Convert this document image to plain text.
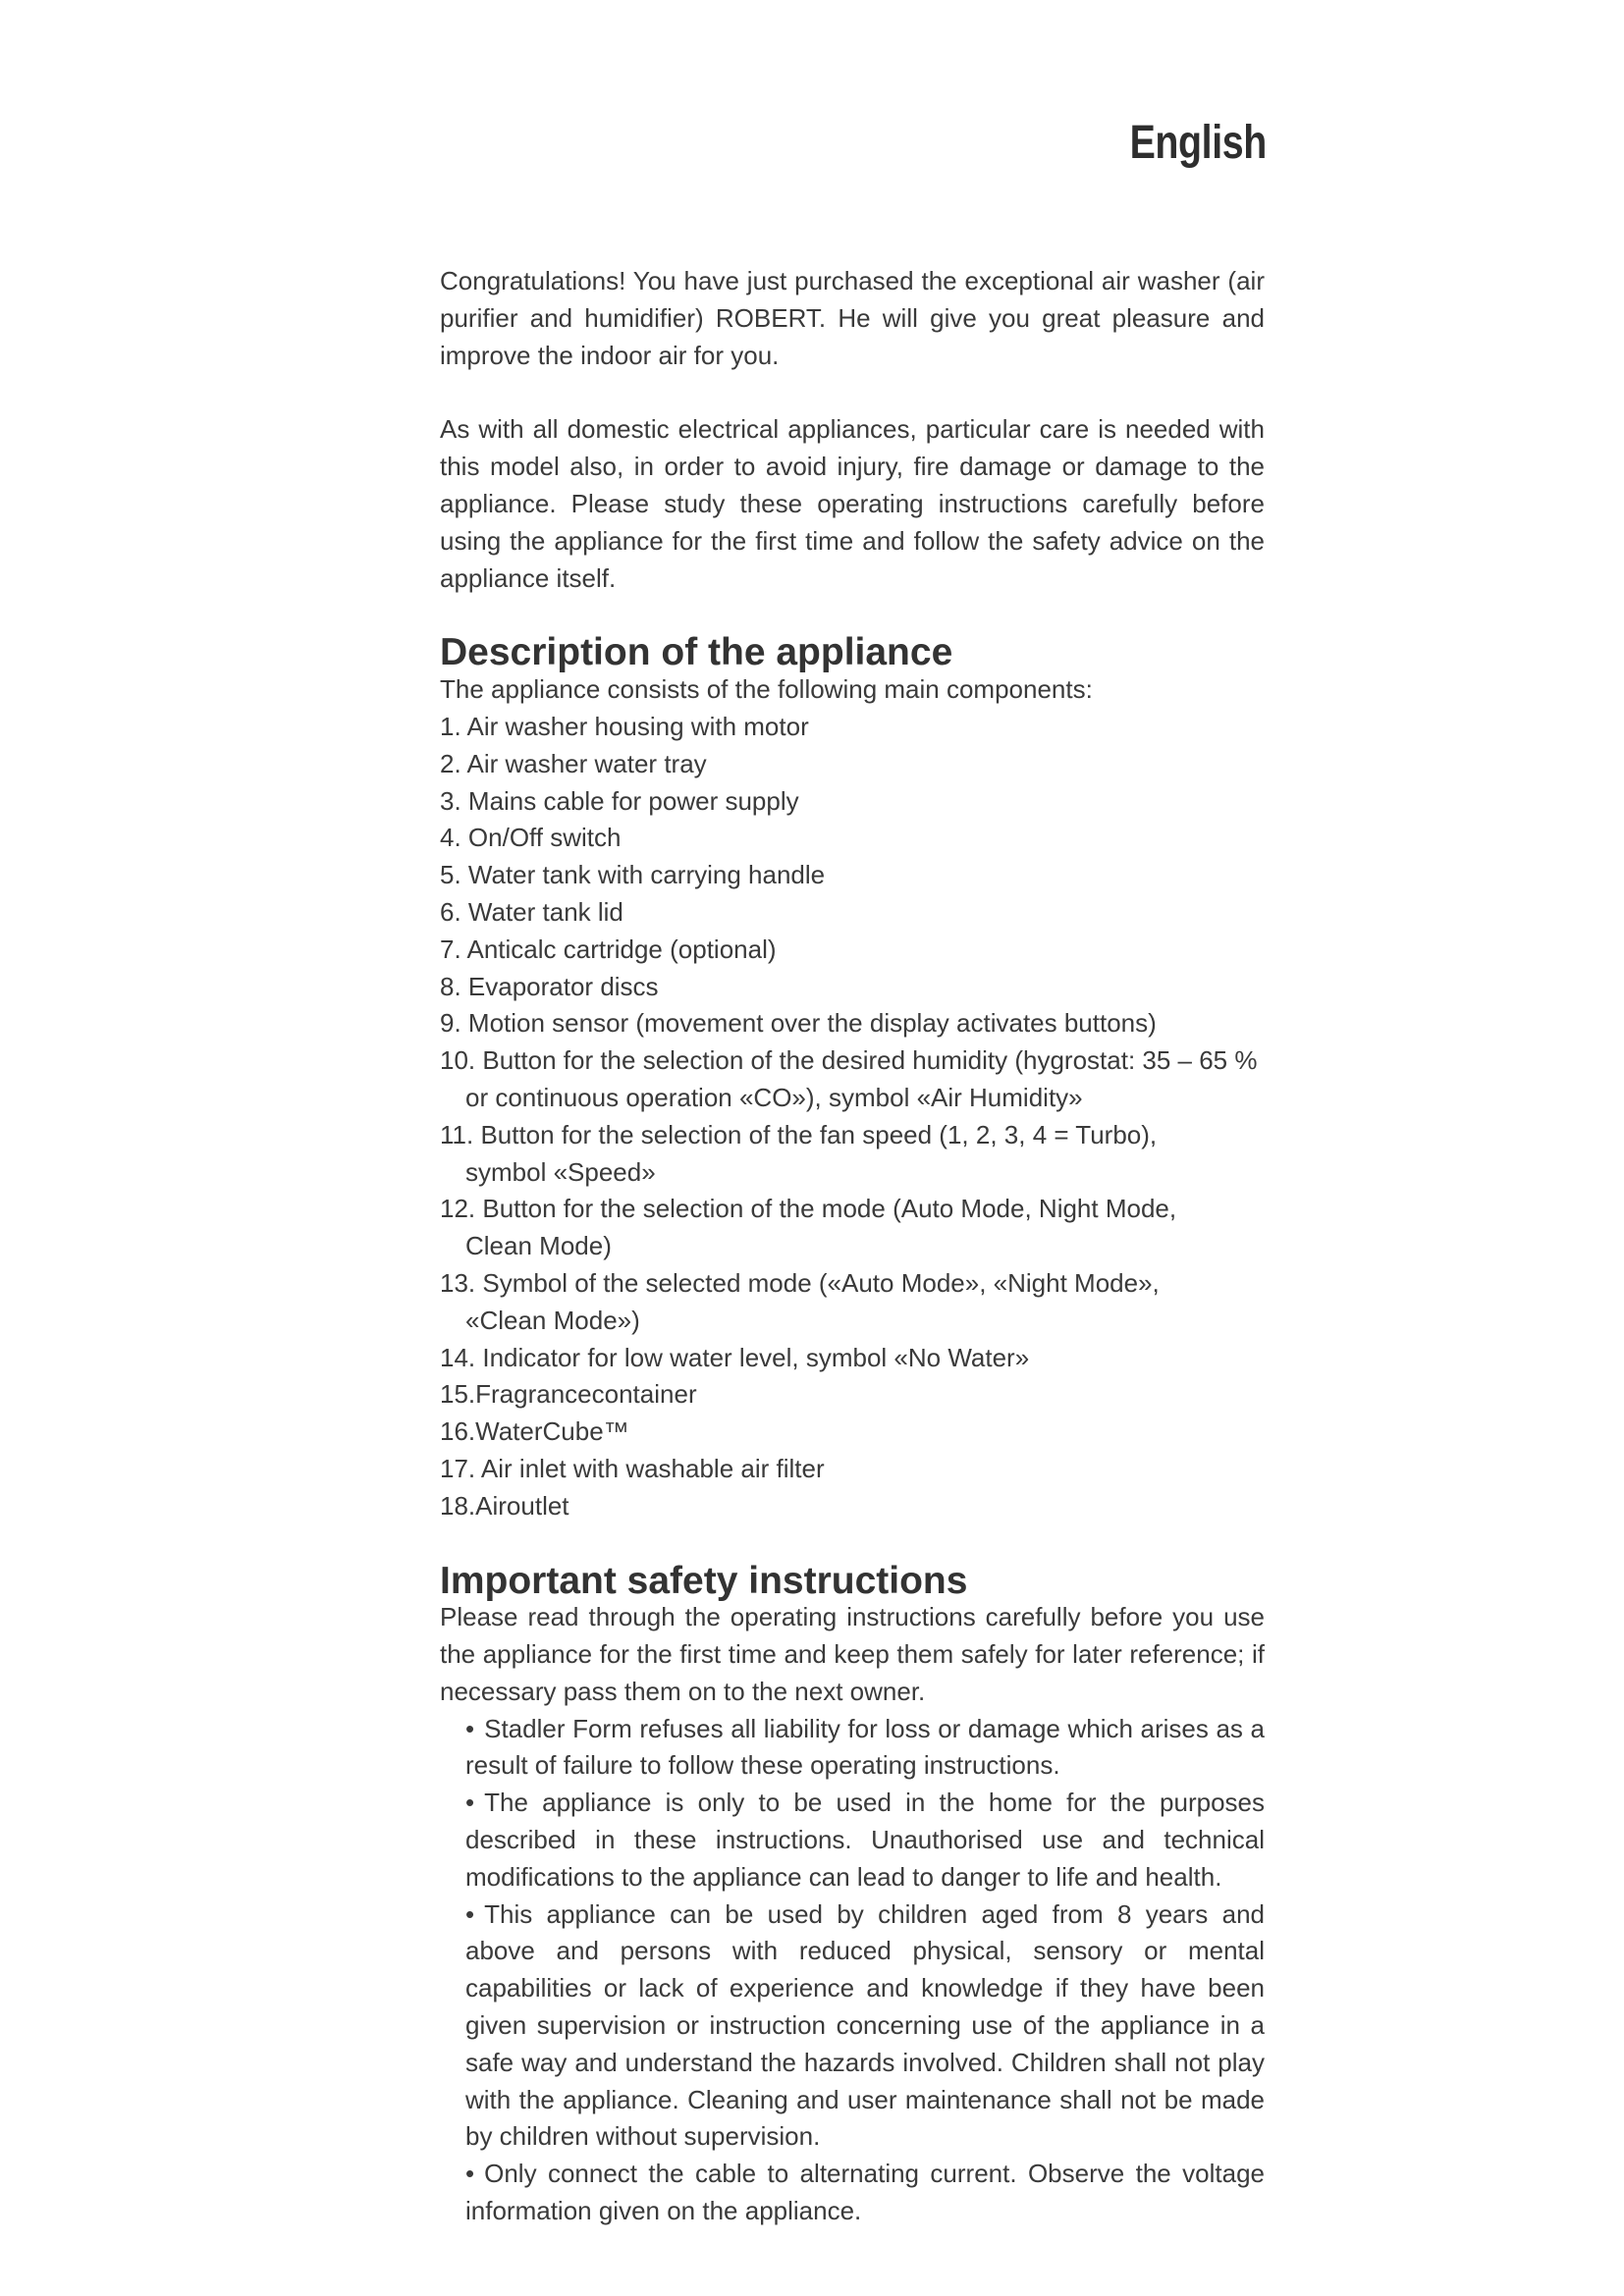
English

Congratulations! You have just purchased the exceptional air washer (air purifier and humidifier) ROBERT. He will give you great pleasure and improve the indoor air for you.

As with all domestic electrical appliances, particular care is needed with this model also, in order to avoid injury, fire damage or damage to the appliance. Please study these operating instructions carefully before using the appliance for the first time and follow the safety advice on the appliance itself.

Description of the appliance

The appliance consists of the following main components:

1. Air washer housing with motor
2. Air washer water tray
3. Mains cable for power supply
4. On/Off switch
5. Water tank with carrying handle
6. Water tank lid
7. Anticalc cartridge (optional)
8. Evaporator discs
9. Motion sensor (movement over the display activates buttons)
10. Button for the selection of the desired humidity (hygrostat: 35 – 65 %
or continuous operation «CO»), symbol «Air Humidity»
11. Button for the selection of the fan speed (1, 2, 3, 4 = Turbo),
symbol «Speed»
12. Button for the selection of the mode (Auto Mode, Night Mode,
Clean Mode)
13. Symbol of the selected mode («Auto Mode», «Night Mode»,
«Clean Mode»)
14. Indicator for low water level, symbol «No Water»
15.Fragrancecontainer
16.WaterCube™
17. Air inlet with washable air filter
18.Airoutlet
Important safety instructions

Please read through the operating instructions carefully before you use the appliance for the first time and keep them safely for later reference; if necessary pass them on to the next owner.

• Stadler Form refuses all liability for loss or damage which arises as a result of failure to follow these operating instructions.
• The appliance is only to be used in the home for the purposes described in these instructions. Unauthorised use and technical modifications to the appliance can lead to danger to life and health.
• This appliance can be used by children aged from 8 years and above and persons with reduced physical, sensory or mental capabilities or lack of experience and knowledge if they have been given supervision or instruction concerning use of the appliance in a safe way and understand the hazards involved. Children shall not play with the appliance. Cleaning and user maintenance shall not be made by children without supervision.
• Only connect the cable to alternating current. Observe the voltage information given on the appliance.
